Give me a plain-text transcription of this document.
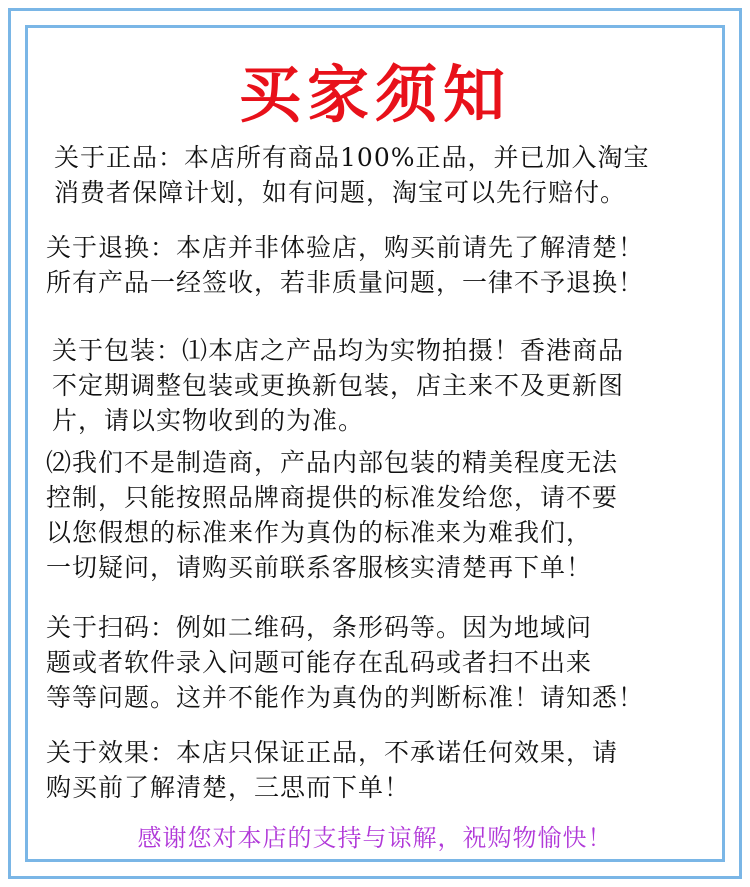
买家须知

关于正品：本店所有商品100%正品，并已加入淘宝

消费者保障计划，如有问题，淘宝可以先行赔付。

关于退换：本店并非体验店，购买前请先了解清楚！

所有产品一经签收，若非质量问题，一律不予退换！

关于包装：⑴本店之产品均为实物拍摄！香港商品

不定期调整包装或更换新包装，店主来不及更新图

片，请以实物收到的为准。

⑵我们不是制造商，产品内部包装的精美程度无法

控制，只能按照品牌商提供的标准发给您，请不要

以您假想的标准来作为真伪的标准来为难我们，

一切疑问，请购买前联系客服核实清楚再下单！

关于扫码：例如二维码，条形码等。因为地域问

题或者软件录入问题可能存在乱码或者扫不出来

等等问题。这并不能作为真伪的判断标准！请知悉！

关于效果：本店只保证正品，不承诺任何效果，请

购买前了解清楚，三思而下单！

感谢您对本店的支持与谅解，祝购物愉快！
